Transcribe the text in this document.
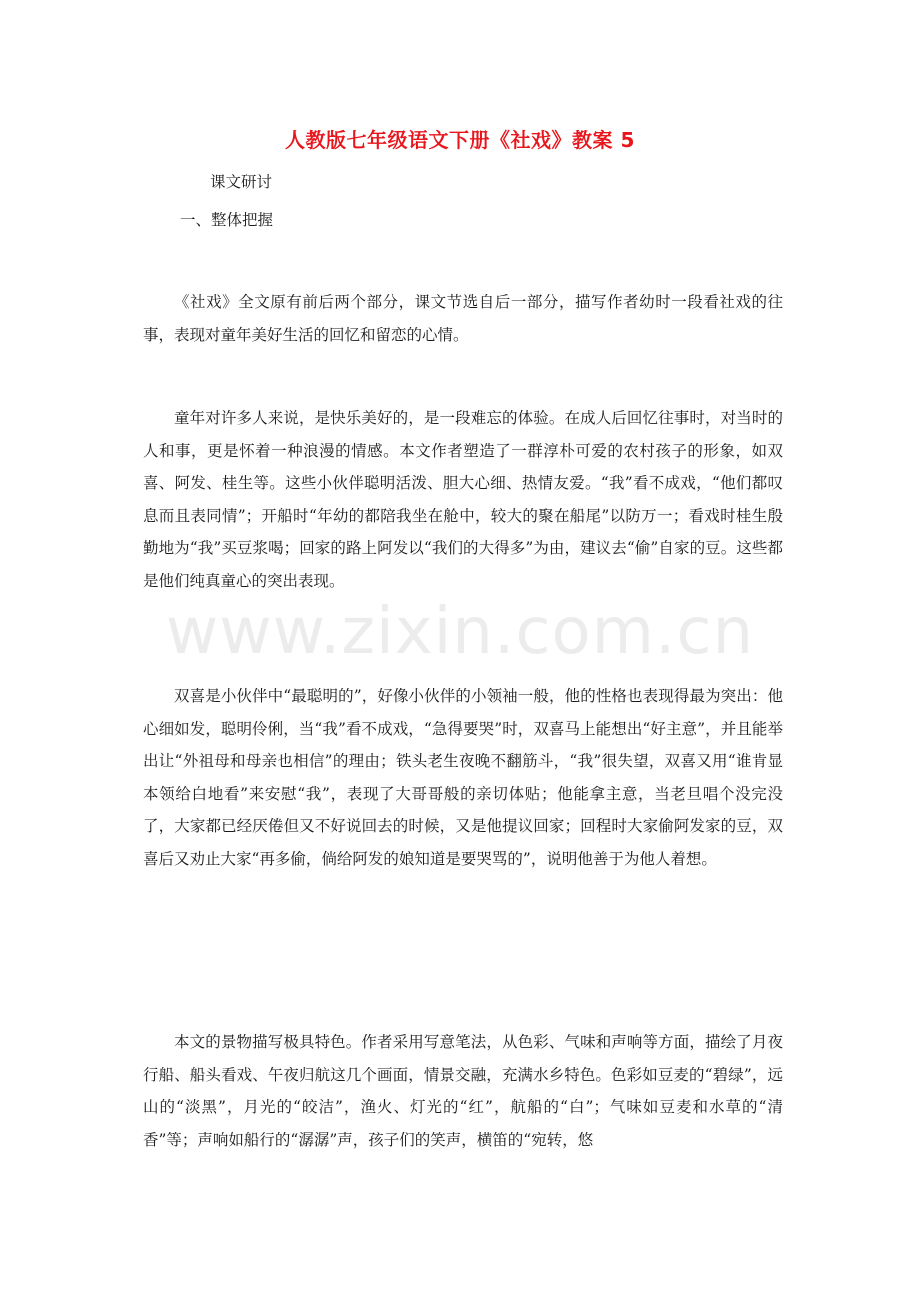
人教版七年级语文下册《社戏》教案 5
课文研讨
一、整体把握

《社戏》全文原有前后两个部分，课文节选自后一部分，描写作者幼时一段看社戏的往事，表现对童年美好生活的回忆和留恋的心情。

童年对许多人来说，是快乐美好的，是一段难忘的体验。在成人后回忆往事时，对当时的人和事，更是怀着一种浪漫的情感。本文作者塑造了一群淳朴可爱的农村孩子的形象，如双喜、阿发、桂生等。这些小伙伴聪明活泼、胆大心细、热情友爱。“我”看不成戏，“他们都叹息而且表同情”；开船时“年幼的都陪我坐在舱中，较大的聚在船尾”以防万一；看戏时桂生殷勤地为“我”买豆浆喝；回家的路上阿发以“我们的大得多”为由，建议去“偷”自家的豆。这些都是他们纯真童心的突出表现。

双喜是小伙伴中“最聪明的”，好像小伙伴的小领袖一般，他的性格也表现得最为突出：他心细如发，聪明伶俐，当“我”看不成戏，“急得要哭”时，双喜马上能想出“好主意”，并且能举出让“外祖母和母亲也相信”的理由；铁头老生夜晚不翻筋斗，“我”很失望，双喜又用“谁肯显本领给白地看”来安慰“我”，表现了大哥哥般的亲切体贴；他能拿主意，当老旦唱个没完没了，大家都已经厌倦但又不好说回去的时候，又是他提议回家；回程时大家偷阿发家的豆，双喜后又劝止大家“再多偷，倘给阿发的娘知道是要哭骂的”，说明他善于为他人着想。

本文的景物描写极具特色。作者采用写意笔法，从色彩、气味和声响等方面，描绘了月夜行船、船头看戏、午夜归航这几个画面，情景交融，充满水乡特色。色彩如豆麦的“碧绿”，远山的“淡黑”，月光的“皎洁”，渔火、灯光的“红”，航船的“白”；气味如豆麦和水草的“清香”等；声响如船行的“潺潺”声，孩子们的笑声，横笛的“宛转，悠

www.zixin.com.cn
